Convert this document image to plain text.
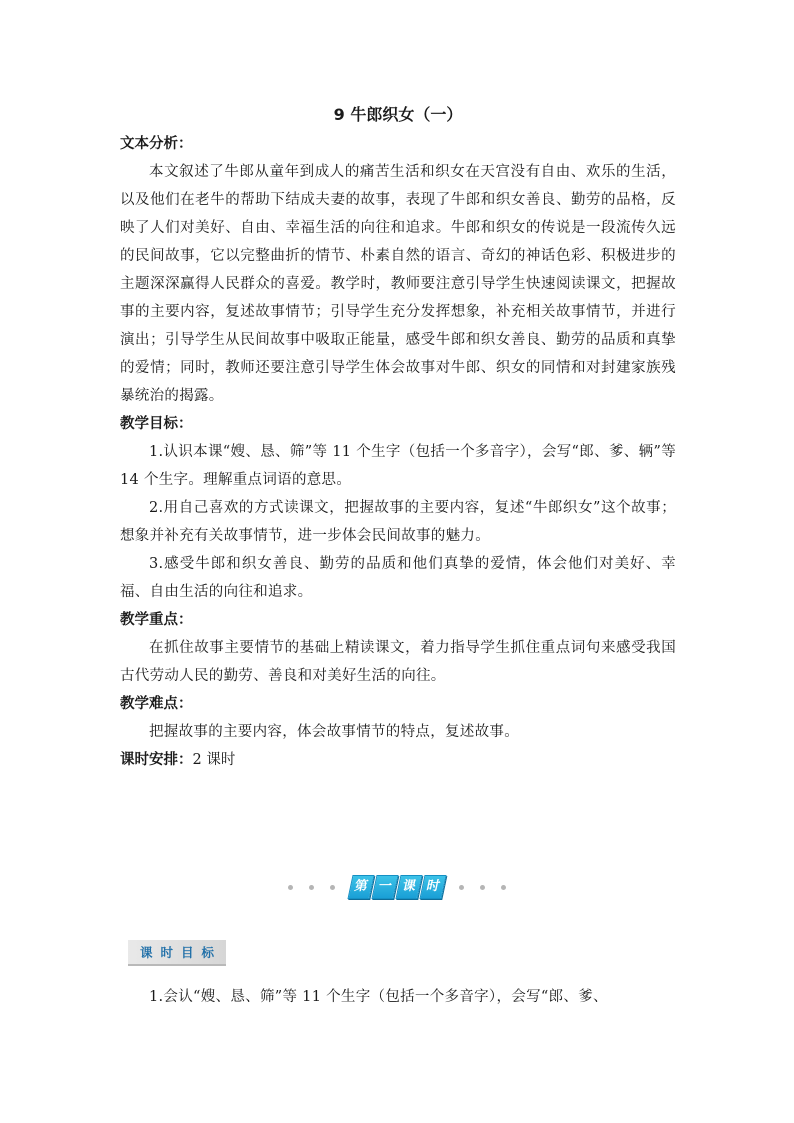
9 牛郎织女（一）

文本分析：

本文叙述了牛郎从童年到成人的痛苦生活和织女在天宫没有自由、欢乐的生活，以及他们在老牛的帮助下结成夫妻的故事，表现了牛郎和织女善良、勤劳的品格，反映了人们对美好、自由、幸福生活的向往和追求。牛郎和织女的传说是一段流传久远的民间故事，它以完整曲折的情节、朴素自然的语言、奇幻的神话色彩、积极进步的主题深深赢得人民群众的喜爱。教学时，教师要注意引导学生快速阅读课文，把握故事的主要内容，复述故事情节；引导学生充分发挥想象，补充相关故事情节，并进行演出；引导学生从民间故事中吸取正能量，感受牛郎和织女善良、勤劳的品质和真挚的爱情；同时，教师还要注意引导学生体会故事对牛郎、织女的同情和对封建家族残暴统治的揭露。

教学目标：

1.认识本课“嫂、恳、筛”等 11 个生字（包括一个多音字），会写“郎、爹、辆”等 14 个生字。理解重点词语的意思。

2.用自己喜欢的方式读课文，把握故事的主要内容，复述“牛郎织女”这个故事；想象并补充有关故事情节，进一步体会民间故事的魅力。

3.感受牛郎和织女善良、勤劳的品质和他们真挚的爱情，体会他们对美好、幸福、自由生活的向往和追求。

教学重点：

在抓住故事主要情节的基础上精读课文，着力指导学生抓住重点词句来感受我国古代劳动人民的勤劳、善良和对美好生活的向往。

教学难点：

把握故事的主要内容，体会故事情节的特点，复述故事。

课时安排：2 课时

第 一 课 时
课 时 目 标

1.会认“嫂、恳、筛”等 11 个生字（包括一个多音字），会写“郎、爹、
